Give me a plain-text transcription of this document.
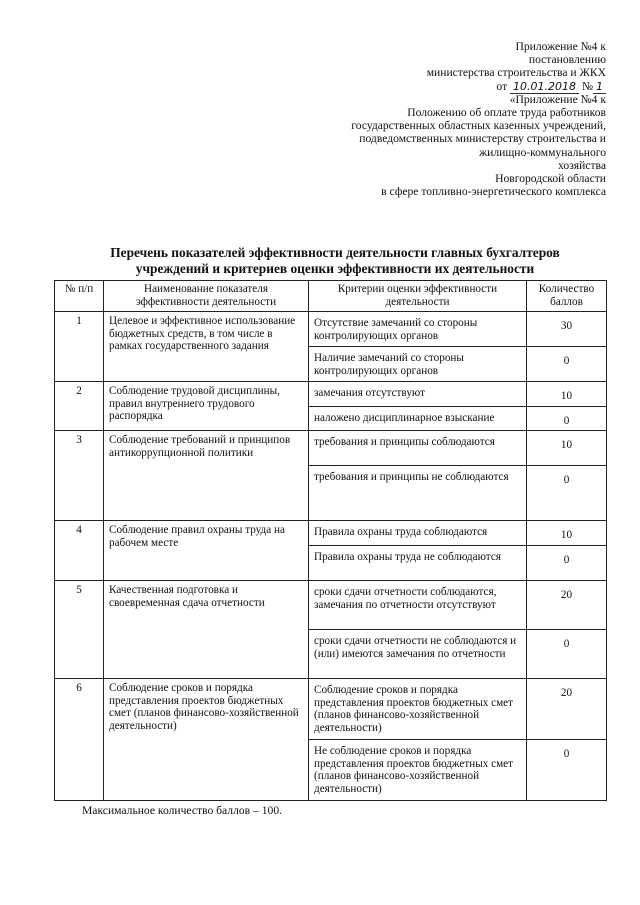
Приложение №4 к
постановлению
министерства строительства и ЖКХ
от 10.01.2018 № 1
«Приложение №4 к
Положению об оплате труда работников
государственных областных казенных учреждений,
подведомственных министерству строительства и
жилищно-коммунального
хозяйства
Новгородской области
в сфере топливно-энергетического комплекса
Перечень показателей эффективности деятельности главных бухгалтеров
учреждений и критериев оценки эффективности их деятельности
№ п/п	Наименование показателя эффективности деятельности	Критерии оценки эффективности деятельности	Количество баллов
1	Целевое и эффективное использование бюджетных средств, в том числе в рамках государственного задания	Отсутствие замечаний со стороны контролирующих органов	30
		Наличие замечаний со стороны контролирующих органов	0
2	Соблюдение трудовой дисциплины, правил внутреннего трудового распорядка	замечания отсутствуют	10
		наложено дисциплинарное взыскание	0
3	Соблюдение требований и принципов антикоррупционной политики	требования и принципы соблюдаются	10
		требования и принципы не соблюдаются	0
4	Соблюдение правил охраны труда на рабочем месте	Правила охраны труда соблюдаются	10
		Правила охраны труда не соблюдаются	0
5	Качественная подготовка и своевременная сдача отчетности	сроки сдачи отчетности соблюдаются, замечания по отчетности отсутствуют	20
		сроки сдачи отчетности не соблюдаются и (или) имеются замечания по отчетности	0
6	Соблюдение сроков и порядка представления проектов бюджетных смет (планов финансово-хозяйственной деятельности)	Соблюдение сроков и порядка представления проектов бюджетных смет (планов финансово-хозяйственной деятельности)	20
		Не соблюдение сроков и порядка представления проектов бюджетных смет (планов финансово-хозяйственной деятельности)	0
Максимальное количество баллов – 100.
